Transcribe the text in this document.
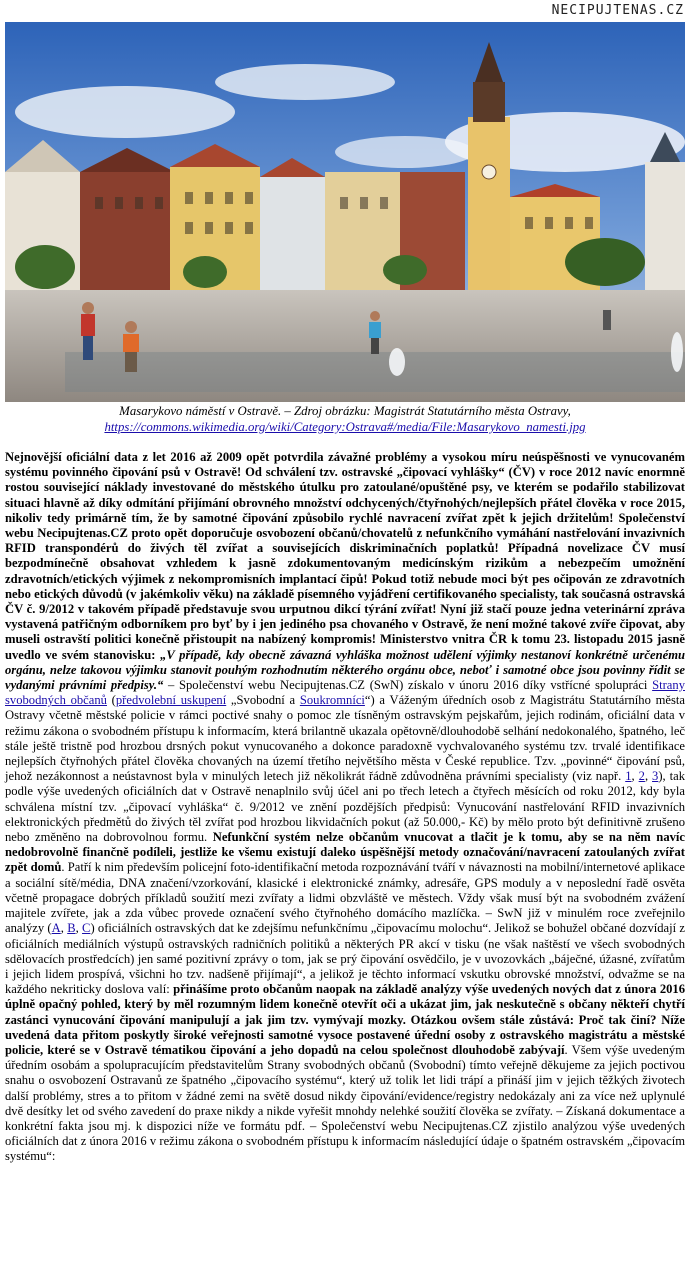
NECIPUJTENAS.CZ
Masarykovo náměstí v Ostravě. – Zdroj obrázku: Magistrát Statutárního města Ostravy,
https://commons.wikimedia.org/wiki/Category:Ostrava#/media/File:Masarykovo_namesti.jpg

Nejnovější oficiální data z let 2016 až 2009 opět potvrdila závažné problémy a vysokou míru neúspěšnosti ve vynucovaném systému povinného čipování psů v Ostravě! Od schválení tzv. ostravské „čipovací vyhlášky“ (ČV) v roce 2012 navíc enormně rostou související náklady investované do městského útulku pro zatoulané/opuštěné psy, ve kterém se podařilo stabilizovat situaci hlavně až díky odmítání přijímání obrovného množství odchycených/čtyřnohých/nejlepších přátel člověka v roce 2015, nikoliv tedy primárně tím, že by samotné čipování způsobilo rychlé navracení zvířat zpět k jejich držitelům! Společenství webu Necipujtenas.CZ proto opět doporučuje osvobození občanů/chovatelů z nefunkčního vymáhání nastřelování invazivních RFID transpondérů do živých těl zvířat a souvisejících diskriminačních poplatků! Případná novelizace ČV musí bezpodmínečně obsahovat vzhledem k jasně zdokumentovaným medicínským rizikům a nebezpečím umožnění zdravotních/etických výjimek z nekompromisních implantací čipů! Pokud totiž nebude moci být pes očipován ze zdravotních nebo etických důvodů (v jakémkoliv věku) na základě písemného vyjádření certifikovaného specialisty, tak současná ostravská ČV č. 9/2012 v takovém případě představuje svou urputnou dikcí týrání zvířat! Nyní již stačí pouze jedna veterinární zpráva vystavená patřičným odborníkem pro byť by i jen jediného psa chovaného v Ostravě, že není možné takové zvíře čipovat, aby museli ostravští politici konečně přistoupit na nabízený kompromis! Ministerstvo vnitra ČR k tomu 23. listopadu 2015 jasně uvedlo ve svém stanovisku: „V případě, kdy obecně závazná vyhláška možnost udělení výjimky nestanoví konkrétně určenému orgánu, nelze takovou výjimku stanovit pouhým rozhodnutím některého orgánu obce, neboť i samotné obce jsou povinny řídit se vydanými právními předpisy.“ – Společenství webu Necipujtenas.CZ (SwN) získalo v únoru 2016 díky vstřícné spolupráci Strany svobodných občanů (předvolební uskupení „Svobodní a Soukromníci“) a Váženým úředních osob z Magistrátu Statutárního města Ostravy včetně městské policie v rámci poctivé snahy o pomoc zle tísněným ostravským pejskařům, jejich rodinám, oficiální data v režimu zákona o svobodném přístupu k informacím, která brilantně ukazala opětovně/dlouhodobě selhání nedokonalého, špatného, leč stále ještě tristně pod hrozbou drsných pokut vynucovaného a dokonce paradoxně vychvalovaného systému tzv. trvalé identifikace nejlepších čtyřnohých přátel člověka chovaných na území třetího největšího města v České republice. Tzv. „povinné“ čipování psů, jehož nezákonnost a neústavnost byla v minulých letech již několikrát řádně zdůvodněna právními specialisty (viz např. 1, 2, 3), tak podle výše uvedených oficiálních dat v Ostravě nenaplnilo svůj účel ani po třech letech a čtyřech měsících od roku 2012, kdy byla schválena místní tzv. „čipovací vyhláška“ č. 9/2012 ve znění pozdějších předpisů: Vynucování nastřelování RFID invazivních elektronických předmětů do živých těl zvířat pod hrozbou likvidačních pokut (až 50.000,- Kč) by mělo proto být definitivně zrušeno nebo změněno na dobrovolnou formu. Nefunkční systém nelze občanům vnucovat a tlačit je k tomu, aby se na něm navíc nedobrovolně finančně podíleli, jestliže ke všemu existují daleko úspěšnější metody označování/navracení zatoulaných zvířat zpět domů. Patří k nim především policejní foto-identifikační metoda rozpoznávání tváří v návaznosti na mobilní/internetové aplikace a sociální sítě/média, DNA značení/vzorkování, klasické i elektronické známky, adresáře, GPS moduly a v neposlední řadě osvěta včetně propagace dobrých příkladů soužití mezi zvířaty a lidmi obzvláště ve městech. Vždy však musí být na svobodném zvážení majitele zvířete, jak a zda vůbec provede označení svého čtyřnohého domácího mazlíčka. – SwN již v minulém roce zveřejnilo analýzy (A, B, C) oficiálních ostravských dat ke zdejšímu nefunkčnímu „čipovacímu molochu“. Jelikož se bohužel občané dozvídají z oficiálních mediálních výstupů ostravských radničních politiků a některých PR akcí v tisku (ne však naštěstí ve všech svobodných sdělovacích prostředcích) jen samé pozitivní zprávy o tom, jak se prý čipování osvědčilo, je v uvozovkách „báječné, úžasné, zvířatům i jejich lidem prospívá, všichni ho tzv. nadšeně přijímají“, a jelikož je těchto informací vskutku obrovské množství, odvažme se na každého nekriticky doslova valí: přinášíme proto občanům naopak na základě analýzy výše uvedených nových dat z února 2016 úplně opačný pohled, který by měl rozumným lidem konečně otevřít oči a ukázat jim, jak neskutečně s občany někteří chytří zastánci vynucování čipování manipulují a jak jim tzv. vymývají mozky. Otázkou ovšem stále zůstává: Proč tak činí? Níže uvedená data přitom poskytly široké veřejnosti samotné vysoce postavené úřední osoby z ostravského magistrátu a městské policie, které se v Ostravě tématikou čipování a jeho dopadů na celou společnost dlouhodobě zabývají. Všem výše uvedeným úředním osobám a spolupracujícím představitelům Strany svobodných občanů (Svobodní) tímto veřejně děkujeme za jejich poctivou snahu o osvobození Ostravanů ze špatného „čipovacího systému“, který už tolik let lidi trápí a přináší jim v jejich těžkých životech další problémy, stres a to přitom v žádné zemi na světě dosud nikdy čipování/evidence/registry nedokázaly ani za více než uplynulé dvě desítky let od svého zavedení do praxe nikdy a nikde vyřešit mnohdy nelehké soužití člověka se zvířaty. – Získaná dokumentace a konkrétní fakta jsou mj. k dispozici níže ve formátu pdf. – Společenství webu Necipujtenas.CZ zjistilo analýzou výše uvedených oficiálních dat z února 2016 v režimu zákona o svobodném přístupu k informacím následující údaje o špatném ostravském „čipovacím systému“:
